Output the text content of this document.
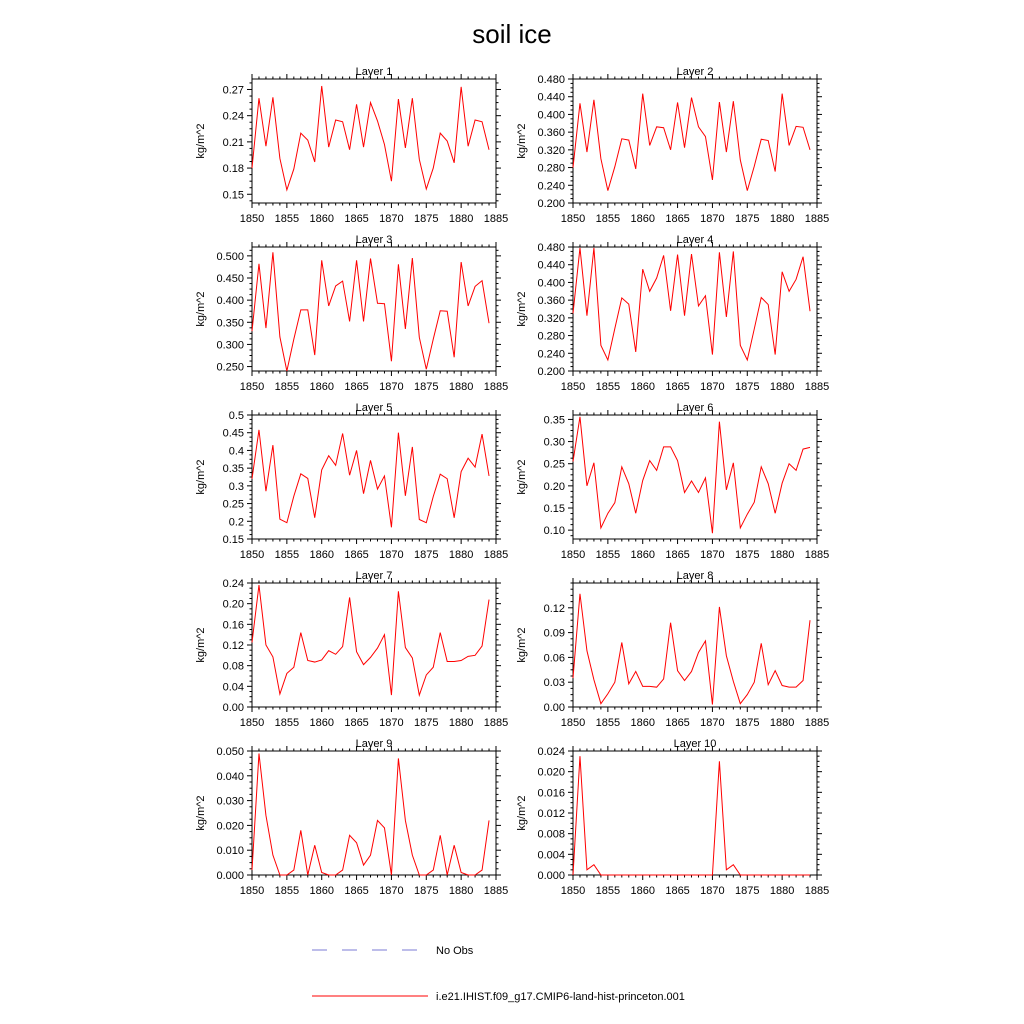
soil ice
Layer 1
1850 1855 1860 1865 1870 1875 1880 1885
0.15
0.18
0.21
0.24
0.27
kg/m^2
Layer 2
1850 1855 1860 1865 1870 1875 1880 1885
0.200
0.240
0.280
0.320
0.360
0.400
0.440
0.480
kg/m^2
Layer 3
1850 1855 1860 1865 1870 1875 1880 1885
0.250
0.300
0.350
0.400
0.450
0.500
kg/m^2
Layer 4
1850 1855 1860 1865 1870 1875 1880 1885
0.200
0.240
0.280
0.320
0.360
0.400
0.440
0.480
kg/m^2
Layer 5
1850 1855 1860 1865 1870 1875 1880 1885
0.15
0.2
0.25
0.3
0.35
0.4
0.45
0.5
kg/m^2
Layer 6
1850 1855 1860 1865 1870 1875 1880 1885
0.10
0.15
0.20
0.25
0.30
0.35
kg/m^2
Layer 7
1850 1855 1860 1865 1870 1875 1880 1885
0.00
0.04
0.08
0.12
0.16
0.20
0.24
kg/m^2
Layer 8
1850 1855 1860 1865 1870 1875 1880 1885
0.00
0.03
0.06
0.09
0.12
kg/m^2
Layer 9
1850 1855 1860 1865 1870 1875 1880 1885
0.000
0.010
0.020
0.030
0.040
0.050
kg/m^2
Layer 10
1850 1855 1860 1865 1870 1875 1880 1885
0.000
0.004
0.008
0.012
0.016
0.020
0.024
kg/m^2
No Obs
i.e21.IHIST.f09_g17.CMIP6-land-hist-princeton.001
